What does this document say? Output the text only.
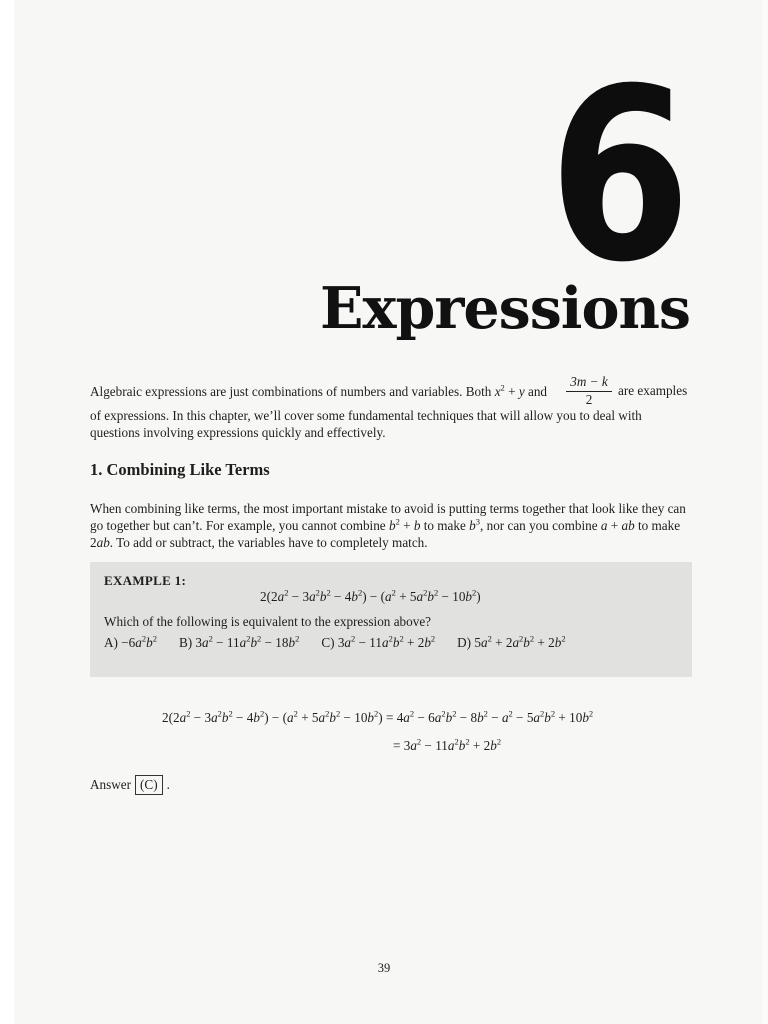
6
Expressions
Algebraic expressions are just combinations of numbers and variables. Both $x^2 + y$ and	$\frac{3m - k}{2}$ are examples
of expressions. In this chapter, we’ll cover some fundamental techniques that will allow you to deal with questions involving expressions quickly and effectively.
1. Combining Like Terms
When combining like terms, the most important mistake to avoid is putting terms together that look like they can go together but can’t. For example, you cannot combine $b^2 + b$ to make $b^3$, nor can you combine a + ab to make 2ab. To add or subtract, the variables have to completely match.
EXAMPLE 1:
$2(2a^2 - 3a^2b^2 - 4b^2) - (a^2 + 5a^2b^2 - 10b^2)$
Which of the following is equivalent to the expression above?
$A) -6a^2b^2$ B) $3a^2 - 11a^2b^2 - 18b^2$ C) $3a^2 - 11a^2b^2 + 2b^2$ D) $5a^2 + 2a^2b^2 + 2b^2$
$2(2a^2 - 3a^2b^2 - 4b^2) - (a^2 + 5a^2b^2 - 10b^2) = 4a^2 - 6a^2b^2 - 8b^2 - a^2 - 5a^2b^2 + 10b^2$
= $3a^2 - 11a^2b^2 + 2b^2$
Answer (C) .
39
